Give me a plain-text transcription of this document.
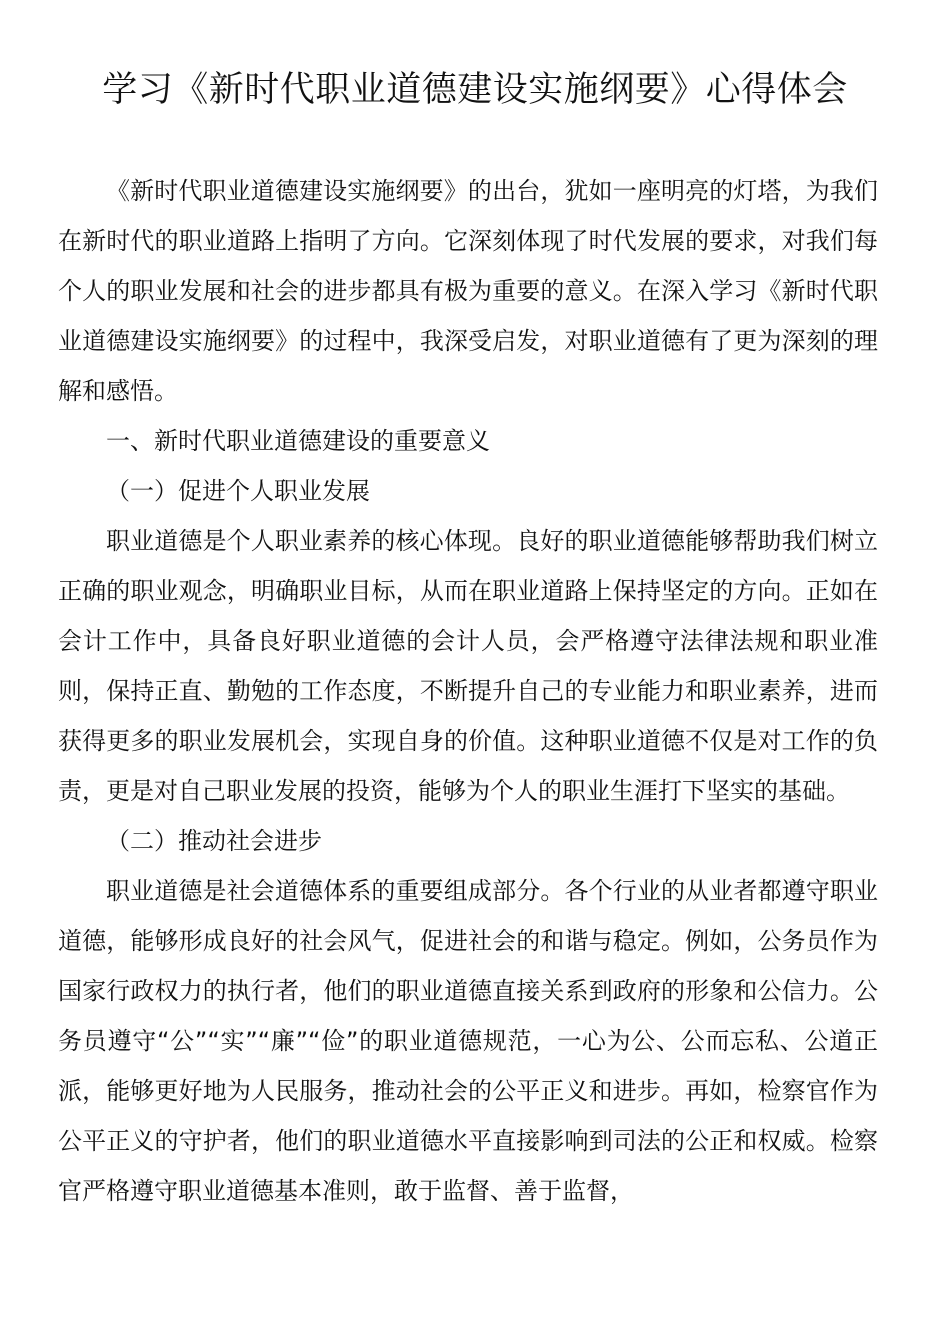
学习《新时代职业道德建设实施纲要》心得体会

《新时代职业道德建设实施纲要》的出台，犹如一座明亮的灯塔，为我们在新时代的职业道路上指明了方向。它深刻体现了时代发展的要求，对我们每个人的职业发展和社会的进步都具有极为重要的意义。在深入学习《新时代职业道德建设实施纲要》的过程中，我深受启发，对职业道德有了更为深刻的理解和感悟。

一、新时代职业道德建设的重要意义

（一）促进个人职业发展

职业道德是个人职业素养的核心体现。良好的职业道德能够帮助我们树立正确的职业观念，明确职业目标，从而在职业道路上保持坚定的方向。正如在会计工作中，具备良好职业道德的会计人员，会严格遵守法律法规和职业准则，保持正直、勤勉的工作态度，不断提升自己的专业能力和职业素养，进而获得更多的职业发展机会，实现自身的价值。这种职业道德不仅是对工作的负责，更是对自己职业发展的投资，能够为个人的职业生涯打下坚实的基础。

（二）推动社会进步

职业道德是社会道德体系的重要组成部分。各个行业的从业者都遵守职业道德，能够形成良好的社会风气，促进社会的和谐与稳定。例如，公务员作为国家行政权力的执行者，他们的职业道德直接关系到政府的形象和公信力。公务员遵守“公”“实”“廉”“俭”的职业道德规范，一心为公、公而忘私、公道正派，能够更好地为人民服务，推动社会的公平正义和进步。再如，检察官作为公平正义的守护者，他们的职业道德水平直接影响到司法的公正和权威。检察官严格遵守职业道德基本准则，敢于监督、善于监督，
